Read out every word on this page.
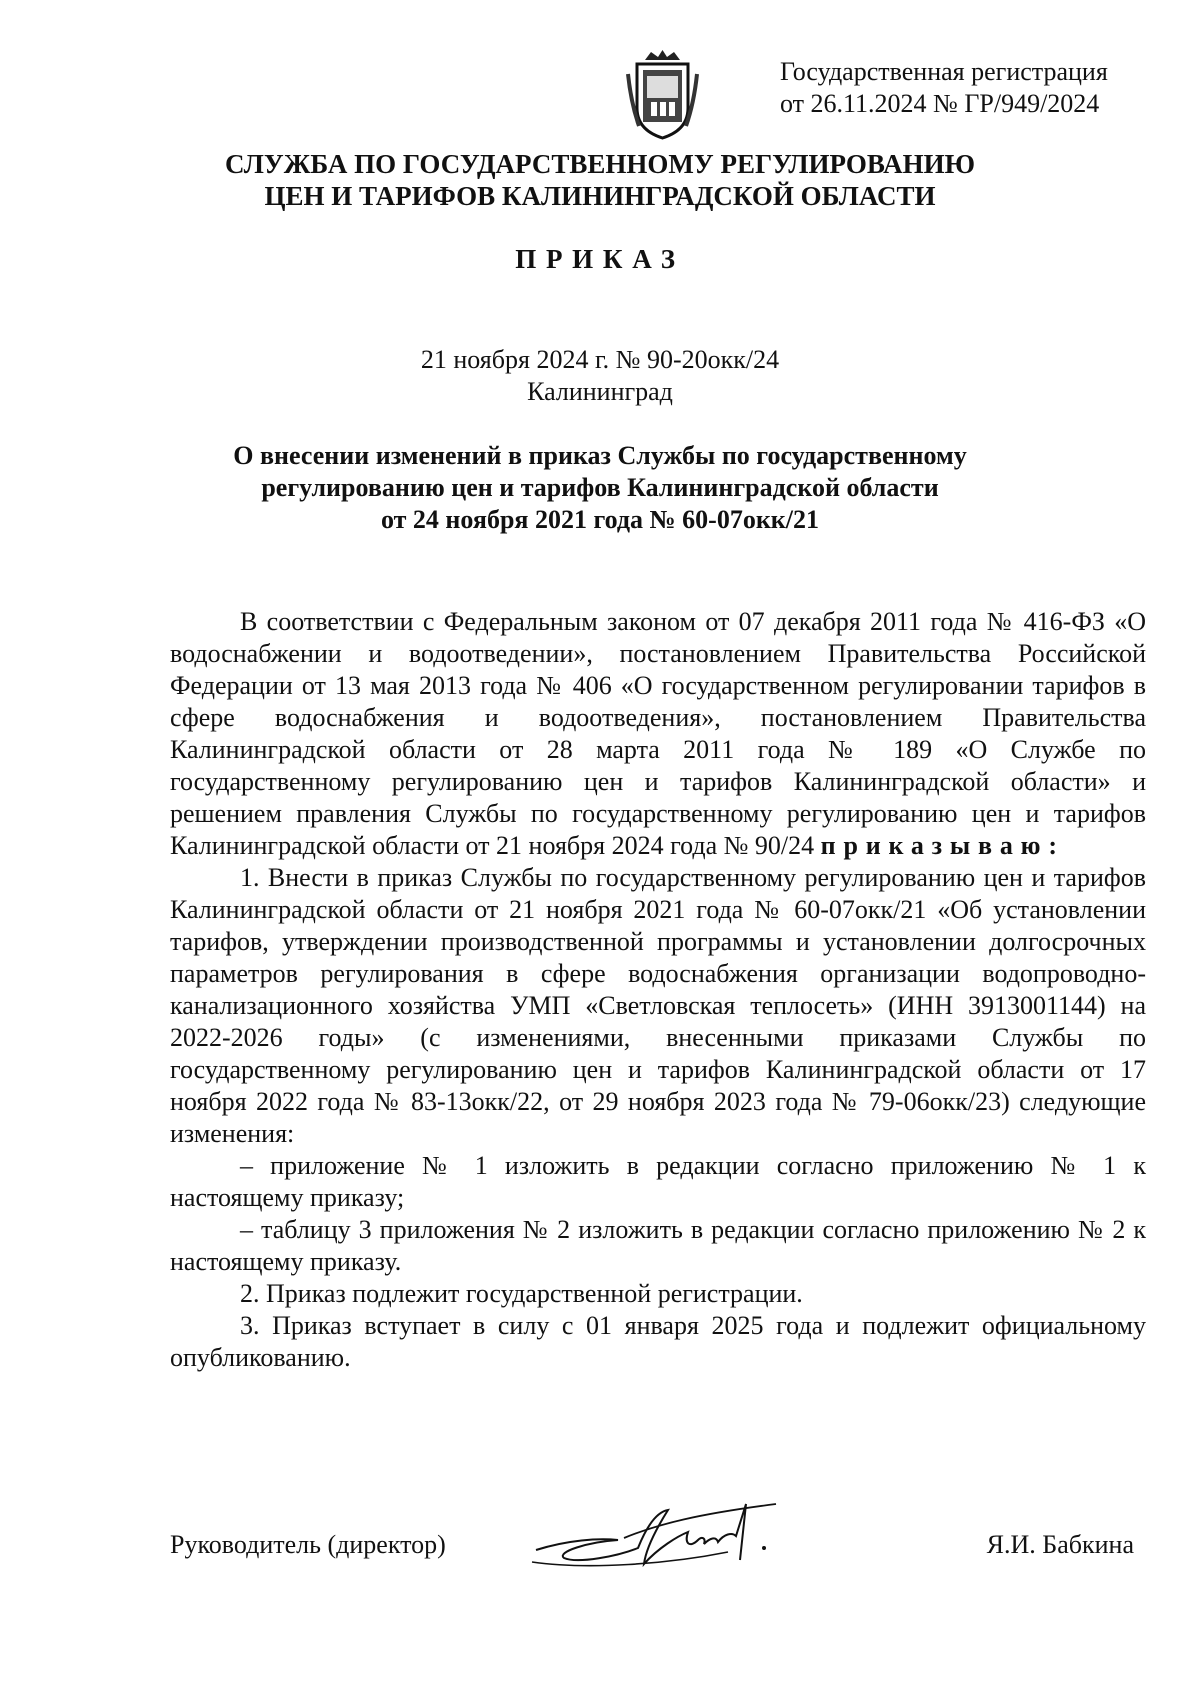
Государственная регистрация
от 26.11.2024 № ГР/949/2024
СЛУЖБА ПО ГОСУДАРСТВЕННОМУ РЕГУЛИРОВАНИЮ
ЦЕН И ТАРИФОВ КАЛИНИНГРАДСКОЙ ОБЛАСТИ
ПРИКАЗ
21 ноября 2024 г. № 90-20окк/24
Калининград
О внесении изменений в приказ Службы по государственному
регулированию цен и тарифов Калининградской области
от 24 ноября 2021 года № 60-07окк/21

В соответствии с Федеральным законом от 07 декабря 2011 года № 416-ФЗ «О водоснабжении и водоотведении», постановлением Правительства Российской Федерации от 13 мая 2013 года № 406 «О государственном регулировании тарифов в сфере водоснабжения и водоотведения», постановлением Правительства Калининградской области от 28 марта 2011 года № 189 «О Службе по государственному регулированию цен и тарифов Калининградской области» и решением правления Службы по государственному регулированию цен и тарифов Калининградской области от 21 ноября 2024 года № 90/24 приказываю:

1. Внести в приказ Службы по государственному регулированию цен и тарифов Калининградской области от 21 ноября 2021 года № 60-07окк/21 «Об установлении тарифов, утверждении производственной программы и установлении долгосрочных параметров регулирования в сфере водоснабжения организации водопроводно-канализационного хозяйства УМП «Светловская теплосеть» (ИНН 3913001144) на 2022-2026 годы» (с изменениями, внесенными приказами Службы по государственному регулированию цен и тарифов Калининградской области от 17 ноября 2022 года № 83-13окк/22, от 29 ноября 2023 года № 79-06окк/23) следующие изменения:

– приложение № 1 изложить в редакции согласно приложению № 1 к настоящему приказу;

– таблицу 3 приложения № 2 изложить в редакции согласно приложению № 2 к настоящему приказу.

2. Приказ подлежит государственной регистрации.

3. Приказ вступает в силу с 01 января 2025 года и подлежит официальному опубликованию.

Руководитель (директор)	Я.И. Бабкина
